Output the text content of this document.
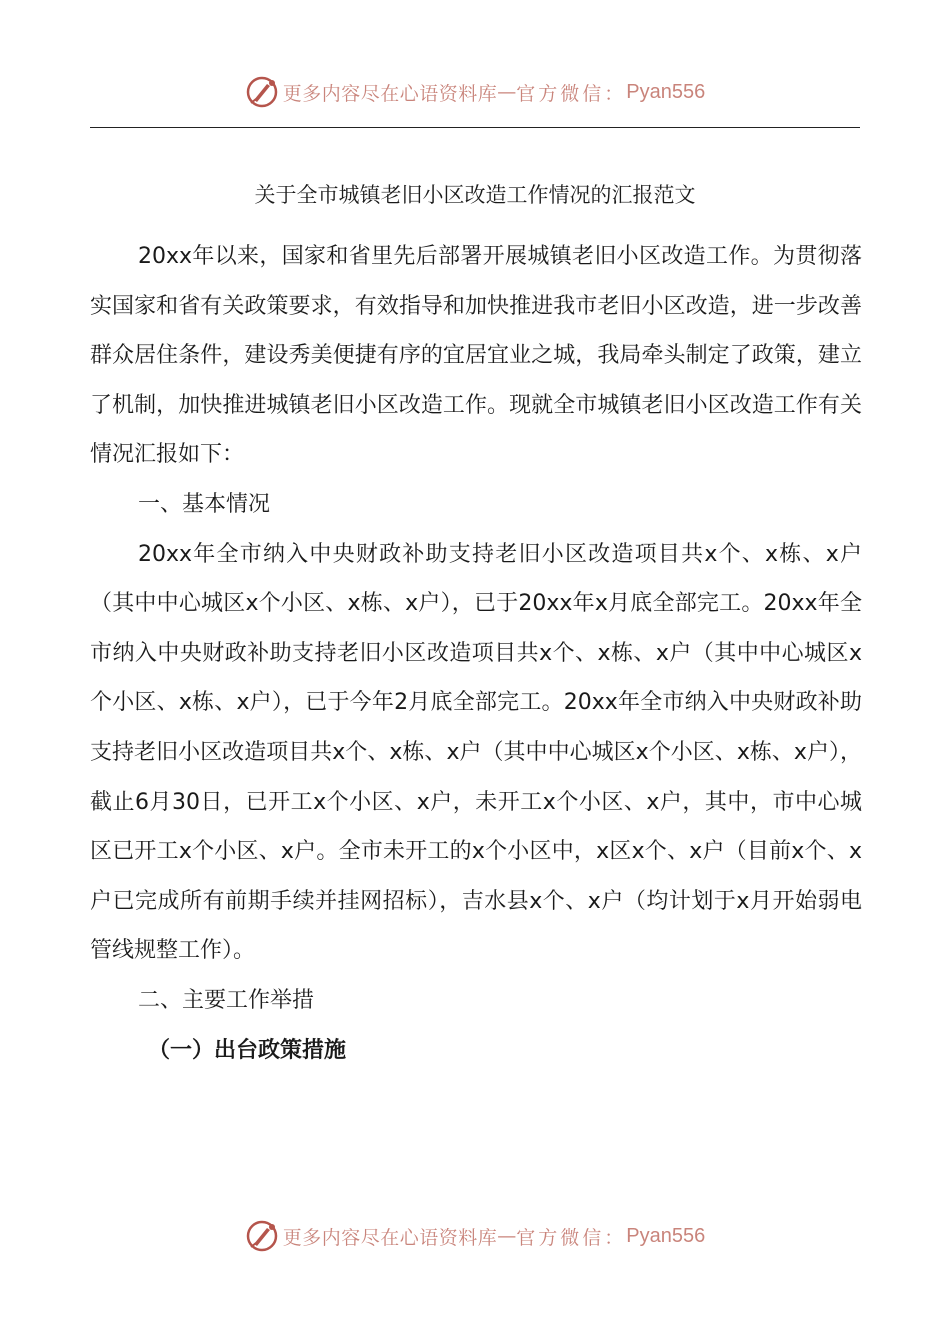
更多内容尽在心语资料库 — 官方微信： Pyan556
关于全市城镇老旧小区改造工作情况的汇报范文

20xx年以来，国家和省里先后部署开展城镇老旧小区改造工作。为贯彻落实国家和省有关政策要求，有效指导和加快推进我市老旧小区改造，进一步改善群众居住条件，建设秀美便捷有序的宜居宜业之城，我局牵头制定了政策，建立了机制，加快推进城镇老旧小区改造工作。现就全市城镇老旧小区改造工作有关情况汇报如下：

一、基本情况

20xx年全市纳入中央财政补助支持老旧小区改造项目共x个、x栋、x户（其中中心城区x个小区、x栋、x户），已于20xx年x月底全部完工。20xx年全市纳入中央财政补助支持老旧小区改造项目共x个、x栋、x户（其中中心城区x个小区、x栋、x户），已于今年2月底全部完工。20xx年全市纳入中央财政补助支持老旧小区改造项目共x个、x栋、x户（其中中心城区x个小区、x栋、x户），截止6月30日，已开工x个小区、x户，未开工x个小区、x户，其中，市中心城区已开工x个小区、x户。全市未开工的x个小区中，x区x个、x户（目前x个、x户已完成所有前期手续并挂网招标），吉水县x个、x户（均计划于x月开始弱电管线规整工作）。

二、主要工作举措

（一）出台政策措施

更多内容尽在心语资料库 — 官方微信： Pyan556
